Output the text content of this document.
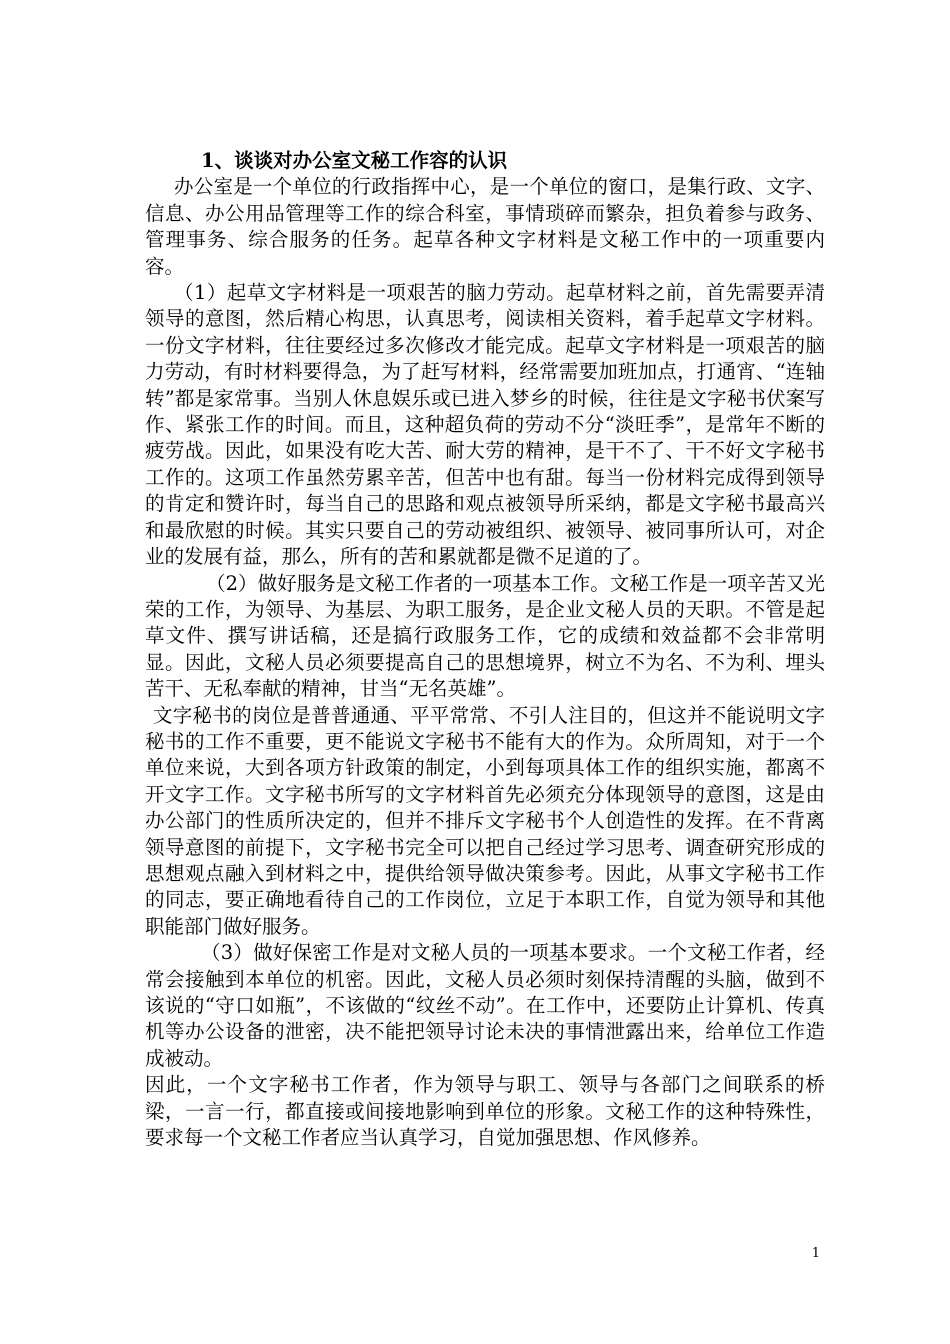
1、谈谈对办公室文秘工作容的认识

办公室是一个单位的行政指挥中心，是一个单位的窗口，是集行政、文字、信息、办公用品管理等工作的综合科室，事情琐碎而繁杂，担负着参与政务、管理事务、综合服务的任务。起草各种文字材料是文秘工作中的一项重要内容。

（1）起草文字材料是一项艰苦的脑力劳动。起草材料之前，首先需要弄清领导的意图，然后精心构思，认真思考，阅读相关资料，着手起草文字材料。一份文字材料，往往要经过多次修改才能完成。起草文字材料是一项艰苦的脑力劳动，有时材料要得急，为了赶写材料，经常需要加班加点，打通宵、“连轴转”都是家常事。当别人休息娱乐或已进入梦乡的时候，往往是文字秘书伏案写作、紧张工作的时间。而且，这种超负荷的劳动不分“淡旺季”，是常年不断的疲劳战。因此，如果没有吃大苦、耐大劳的精神，是干不了、干不好文字秘书工作的。这项工作虽然劳累辛苦，但苦中也有甜。每当一份材料完成得到领导的肯定和赞许时，每当自己的思路和观点被领导所采纳，都是文字秘书最高兴和最欣慰的时候。其实只要自己的劳动被组织、被领导、被同事所认可，对企业的发展有益，那么，所有的苦和累就都是微不足道的了。

（2）做好服务是文秘工作者的一项基本工作。文秘工作是一项辛苦又光荣的工作，为领导、为基层、为职工服务，是企业文秘人员的天职。不管是起草文件、撰写讲话稿，还是搞行政服务工作，它的成绩和效益都不会非常明显。因此，文秘人员必须要提高自己的思想境界，树立不为名、不为利、埋头苦干、无私奉献的精神，甘当“无名英雄”。

文字秘书的岗位是普普通通、平平常常、不引人注目的，但这并不能说明文字秘书的工作不重要，更不能说文字秘书不能有大的作为。众所周知，对于一个单位来说，大到各项方针政策的制定，小到每项具体工作的组织实施，都离不开文字工作。文字秘书所写的文字材料首先必须充分体现领导的意图，这是由办公部门的性质所决定的，但并不排斥文字秘书个人创造性的发挥。在不背离领导意图的前提下，文字秘书完全可以把自己经过学习思考、调查研究形成的思想观点融入到材料之中，提供给领导做决策参考。因此，从事文字秘书工作的同志，要正确地看待自己的工作岗位，立足于本职工作，自觉为领导和其他职能部门做好服务。

（3）做好保密工作是对文秘人员的一项基本要求。一个文秘工作者，经常会接触到本单位的机密。因此，文秘人员必须时刻保持清醒的头脑，做到不该说的“守口如瓶”，不该做的“纹丝不动”。在工作中，还要防止计算机、传真机等办公设备的泄密，决不能把领导讨论未决的事情泄露出来，给单位工作造成被动。

因此，一个文字秘书工作者，作为领导与职工、领导与各部门之间联系的桥梁，一言一行，都直接或间接地影响到单位的形象。文秘工作的这种特殊性，要求每一个文秘工作者应当认真学习，自觉加强思想、作风修养。

1
